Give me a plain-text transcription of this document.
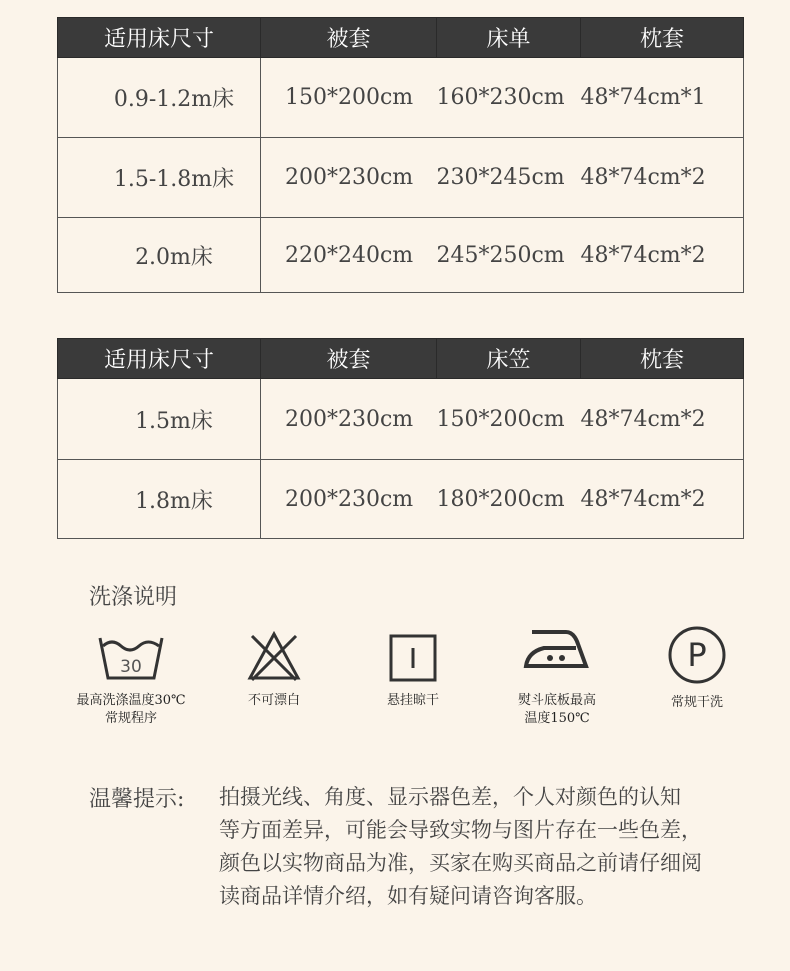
适用床尺寸	被套	床单	枕套
0.9-1.2m床	150*200cm	160*230cm	48*74cm*1
1.5-1.8m床	200*230cm	230*245cm	48*74cm*2
2.0m床	220*240cm	245*250cm	48*74cm*2
适用床尺寸	被套	床笠	枕套
1.5m床	200*230cm	150*200cm	48*74cm*2
1.8m床	200*230cm	180*200cm	48*74cm*2
洗涤说明
30
最高洗涤温度30℃
常规程序
不可漂白	悬挂晾干	熨斗底板最高
温度150℃
P
常规干洗
温馨提示: 拍摄光线、角度、显示器色差，个人对颜色的认知
等方面差异，可能会导致实物与图片存在一些色差，
颜色以实物商品为准，买家在购买商品之前请仔细阅
读商品详情介绍，如有疑问请咨询客服。
